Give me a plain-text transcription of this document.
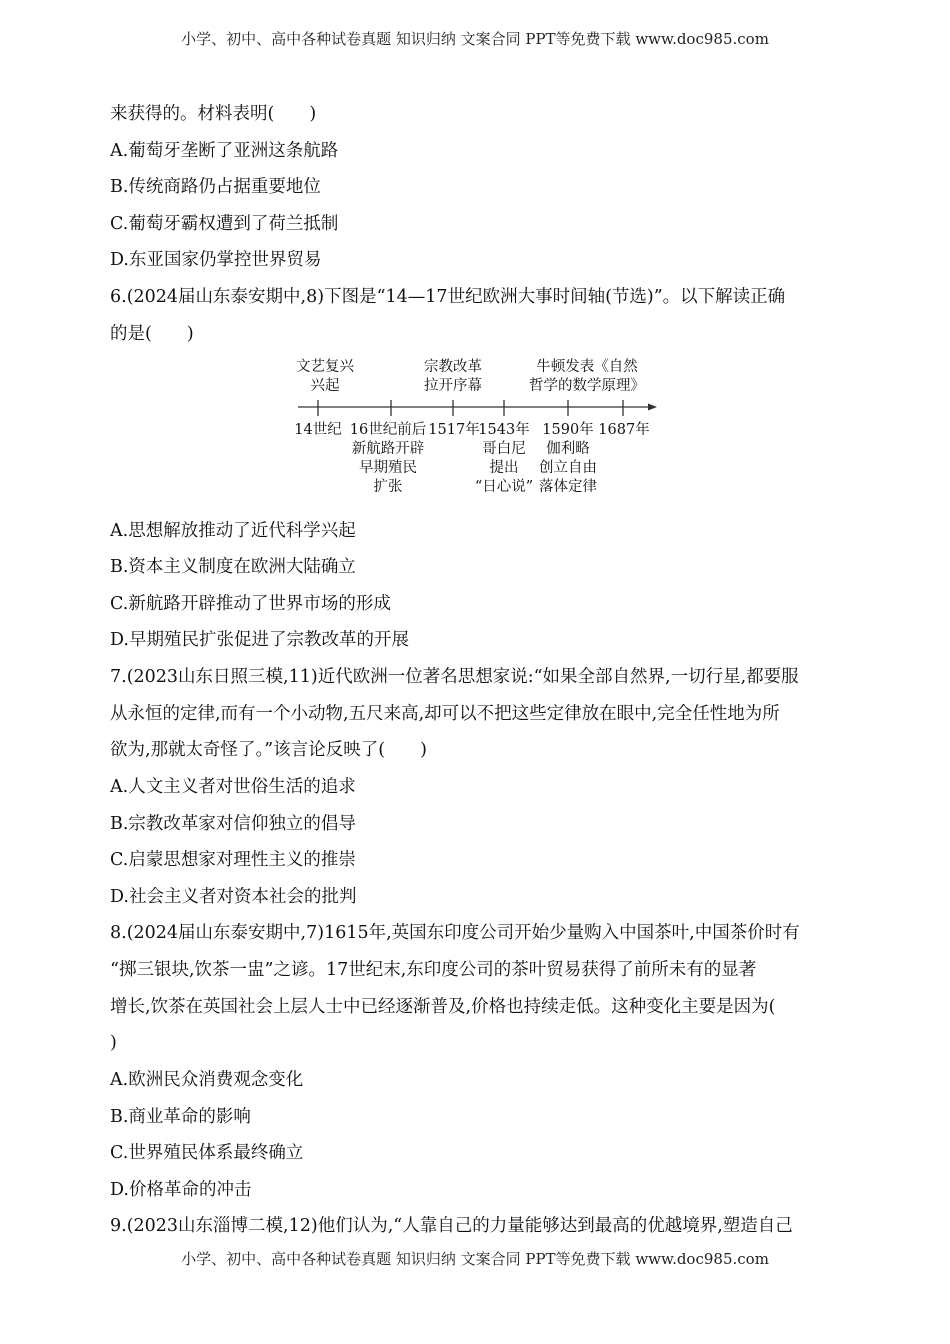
小学、初中、高中各种试卷真题 知识归纳 文案合同 PPT等免费下载 www.doc985.com
来获得的。材料表明(　　)
A.葡萄牙垄断了亚洲这条航路
B.传统商路仍占据重要地位
C.葡萄牙霸权遭到了荷兰抵制
D.东亚国家仍掌控世界贸易
6.(2024届山东泰安期中,8)下图是“14—17世纪欧洲大事时间轴(节选)”。以下解读正确
的是(　　)
文艺复兴
兴起
宗教改革
拉开序幕
牛顿发表《自然
哲学的数学原理》
14世纪 16世纪前后
新航路开辟
早期殖民
扩张
1517年
1543年
哥白尼
提出
“日心说”
1590年
伽利略
创立自由
落体定律
1687年
A.思想解放推动了近代科学兴起
B.资本主义制度在欧洲大陆确立
C.新航路开辟推动了世界市场的形成
D.早期殖民扩张促进了宗教改革的开展
7.(2023山东日照三模,11)近代欧洲一位著名思想家说:“如果全部自然界,一切行星,都要服
从永恒的定律,而有一个小动物,五尺来高,却可以不把这些定律放在眼中,完全任性地为所
欲为,那就太奇怪了。”该言论反映了(　　)
A.人文主义者对世俗生活的追求
B.宗教改革家对信仰独立的倡导
C.启蒙思想家对理性主义的推崇
D.社会主义者对资本社会的批判
8.(2024届山东泰安期中,7)1615年,英国东印度公司开始少量购入中国茶叶,中国茶价时有
“掷三银块,饮茶一盅”之谚。17世纪末,东印度公司的茶叶贸易获得了前所未有的显著
增长,饮茶在英国社会上层人士中已经逐渐普及,价格也持续走低。这种变化主要是因为(
)
A.欧洲民众消费观念变化
B.商业革命的影响
C.世界殖民体系最终确立
D.价格革命的冲击
9.(2023山东淄博二模,12)他们认为,“人靠自己的力量能够达到最高的优越境界,塑造自己
小学、初中、高中各种试卷真题 知识归纳 文案合同 PPT等免费下载 www.doc985.com
